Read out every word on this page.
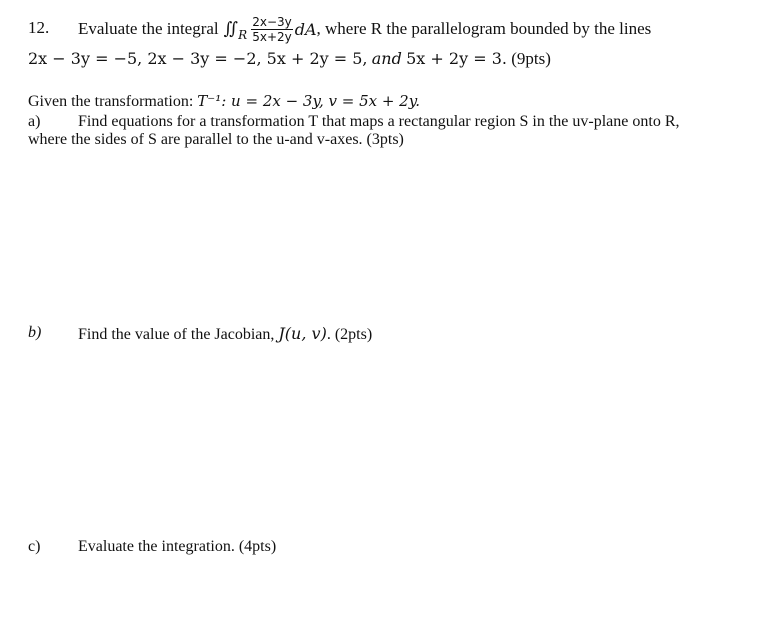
12. Evaluate the integral ∬ R $\frac{2x-3y}{5x+2y}$ dA , where R the parallelogram bounded by the lines
2x − 3y = −5, 2x − 3y = −2, 5x + 2y = 5, and 5x + 2y = 3. (9pts)
Given the transformation: T⁻¹: u = 2x − 3y, v = 5x + 2y.
a) Find equations for a transformation T that maps a rectangular region S in the uv-plane onto R,
where the sides of S are parallel to the u-and v-axes. (3pts)
b) Find the value of the Jacobian, J(u, v). (2pts)
c) Evaluate the integration. (4pts)
